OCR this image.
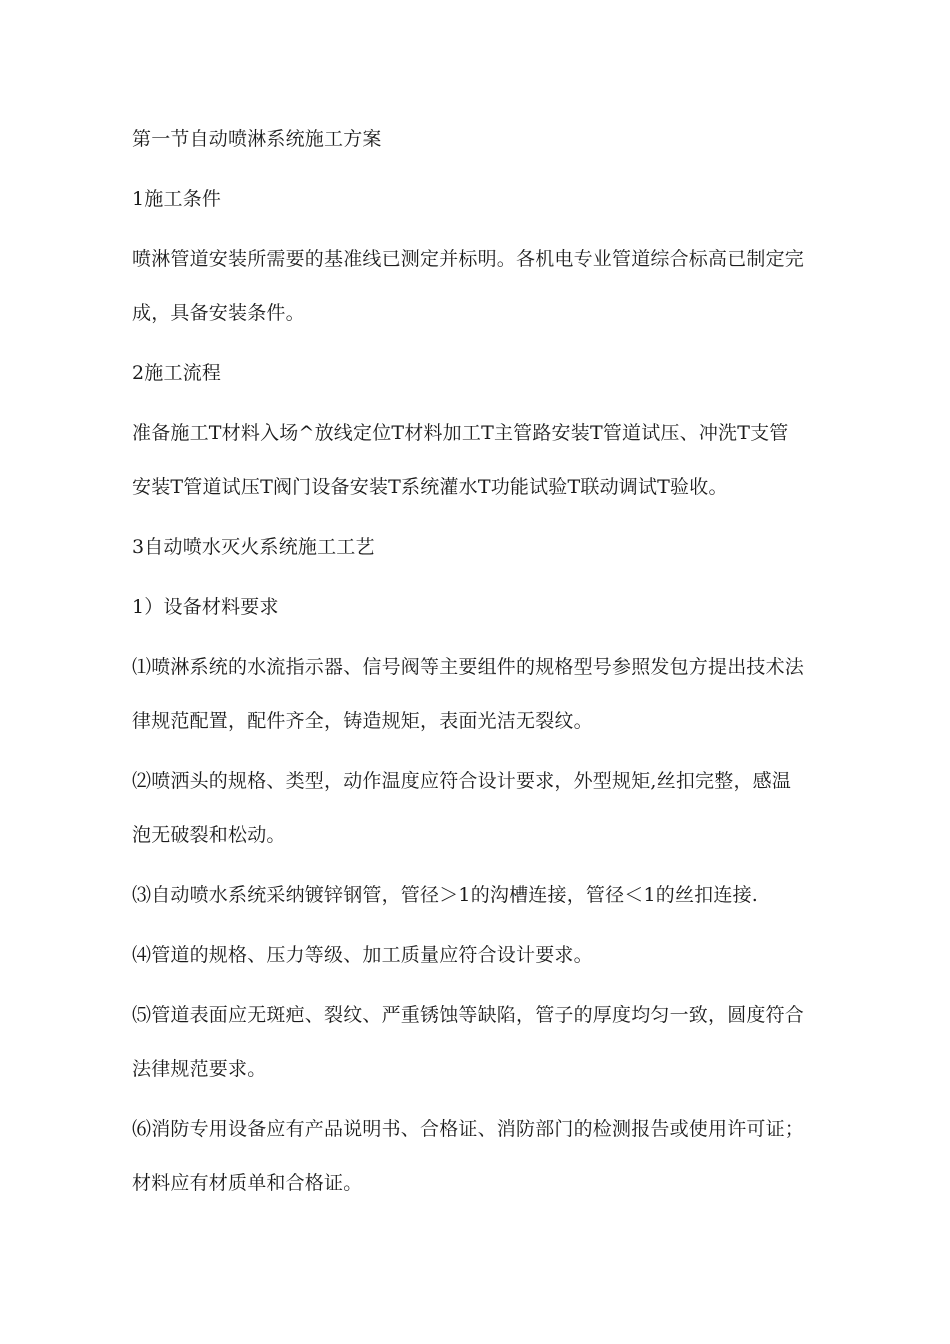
第一节自动喷淋系统施工方案
1施工条件
喷淋管道安装所需要的基准线已测定并标明。各机电专业管道综合标高已制定完
成，具备安装条件。
2施工流程
准备施工T材料入场^放线定位T材料加工T主管路安装T管道试压、冲洗T支管
安装T管道试压T阀门设备安装T系统灌水T功能试验T联动调试T验收。
3自动喷水灭火系统施工工艺
1）设备材料要求
⑴喷淋系统的水流指示器、信号阀等主要组件的规格型号参照发包方提出技术法
律规范配置，配件齐全，铸造规矩，表面光洁无裂纹。
⑵喷洒头的规格、类型，动作温度应符合设计要求，外型规矩,丝扣完整，感温
泡无破裂和松动。
⑶自动喷水系统采纳镀锌钢管，管径＞1的沟槽连接，管径＜1的丝扣连接.
⑷管道的规格、压力等级、加工质量应符合设计要求。
⑸管道表面应无斑疤、裂纹、严重锈蚀等缺陷，管子的厚度均匀一致，圆度符合
法律规范要求。
⑹消防专用设备应有产品说明书、合格证、消防部门的检测报告或使用许可证；
材料应有材质单和合格证。
